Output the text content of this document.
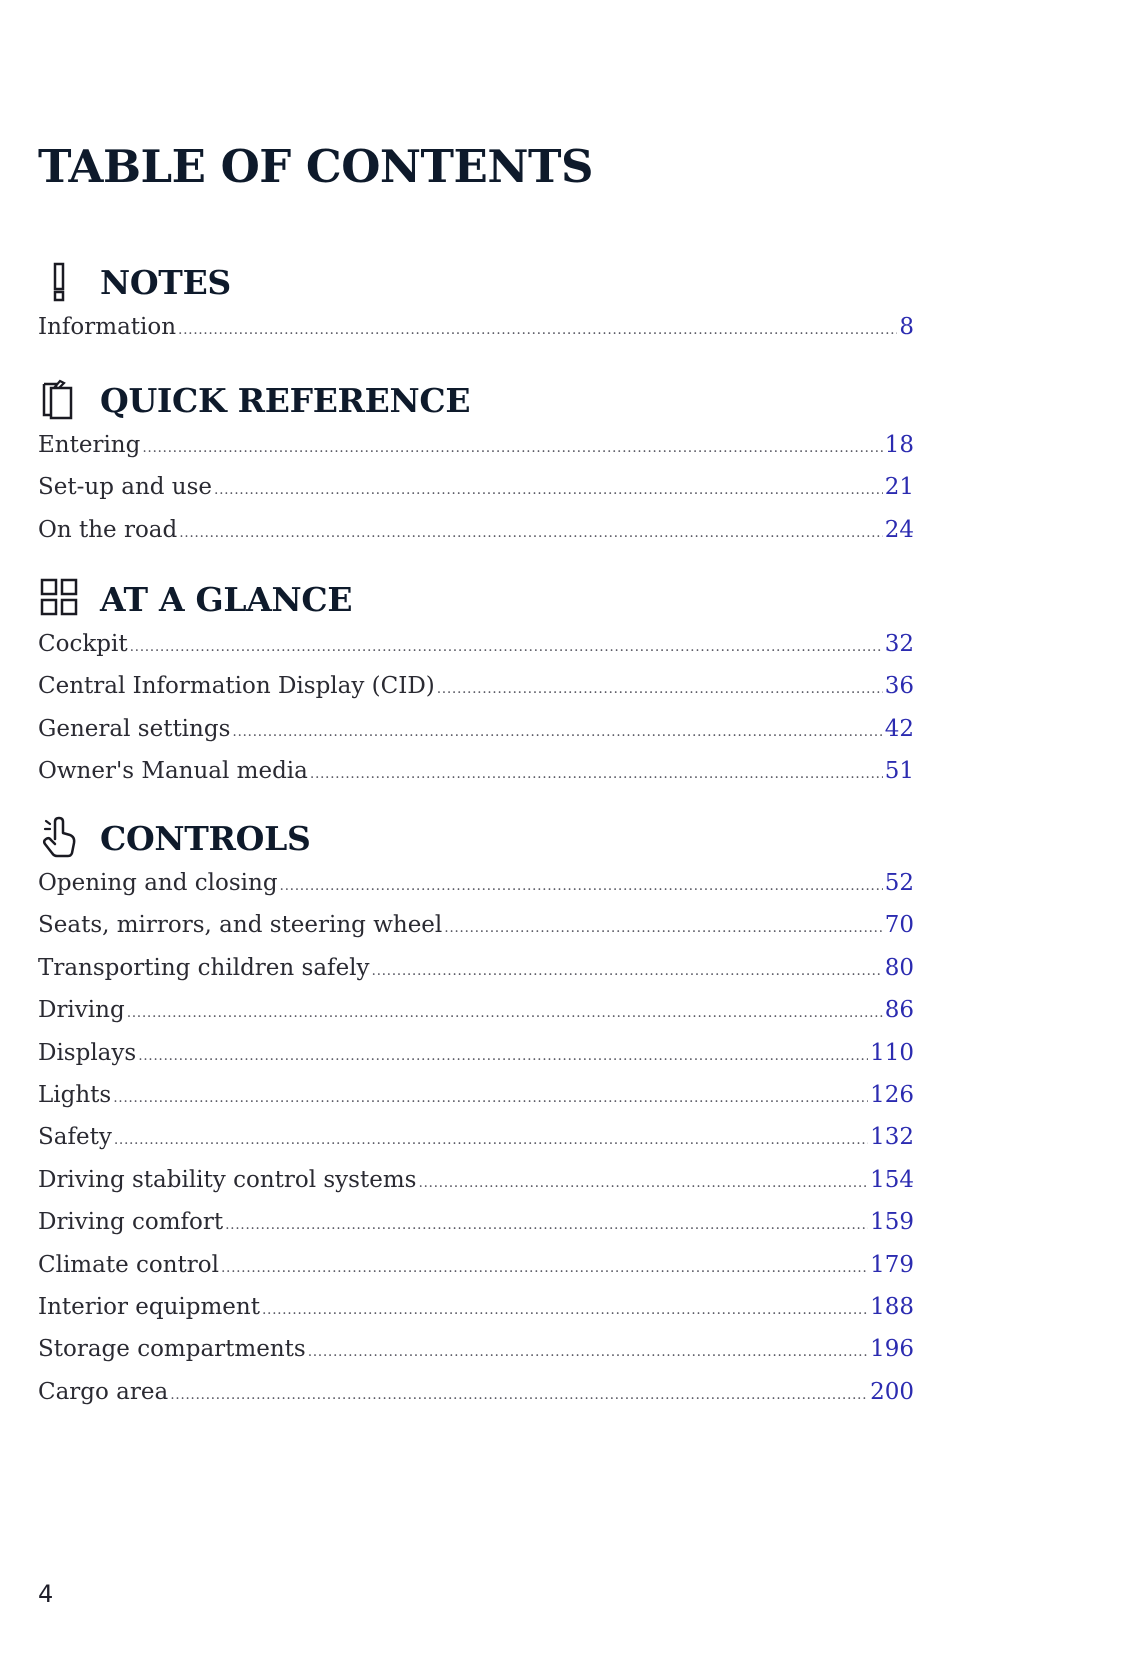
TABLE OF CONTENTS
NOTES
Information .....	8
QUICK REFERENCE
Entering .....	18
Set-up and use .....	21
On the road .....	24
AT A GLANCE
Cockpit .....	32
Central Information Display (CID) .....	36
General settings .....	42
Owner's Manual media .....	51
CONTROLS
Opening and closing .....	52
Seats, mirrors, and steering wheel .....	70
Transporting children safely .....	80
Driving .....	86
Displays .....	110
Lights .....	126
Safety .....	132
Driving stability control systems .....	154
Driving comfort .....	159
Climate control .....	179
Interior equipment .....	188
Storage compartments .....	196
Cargo area .....	200
4
